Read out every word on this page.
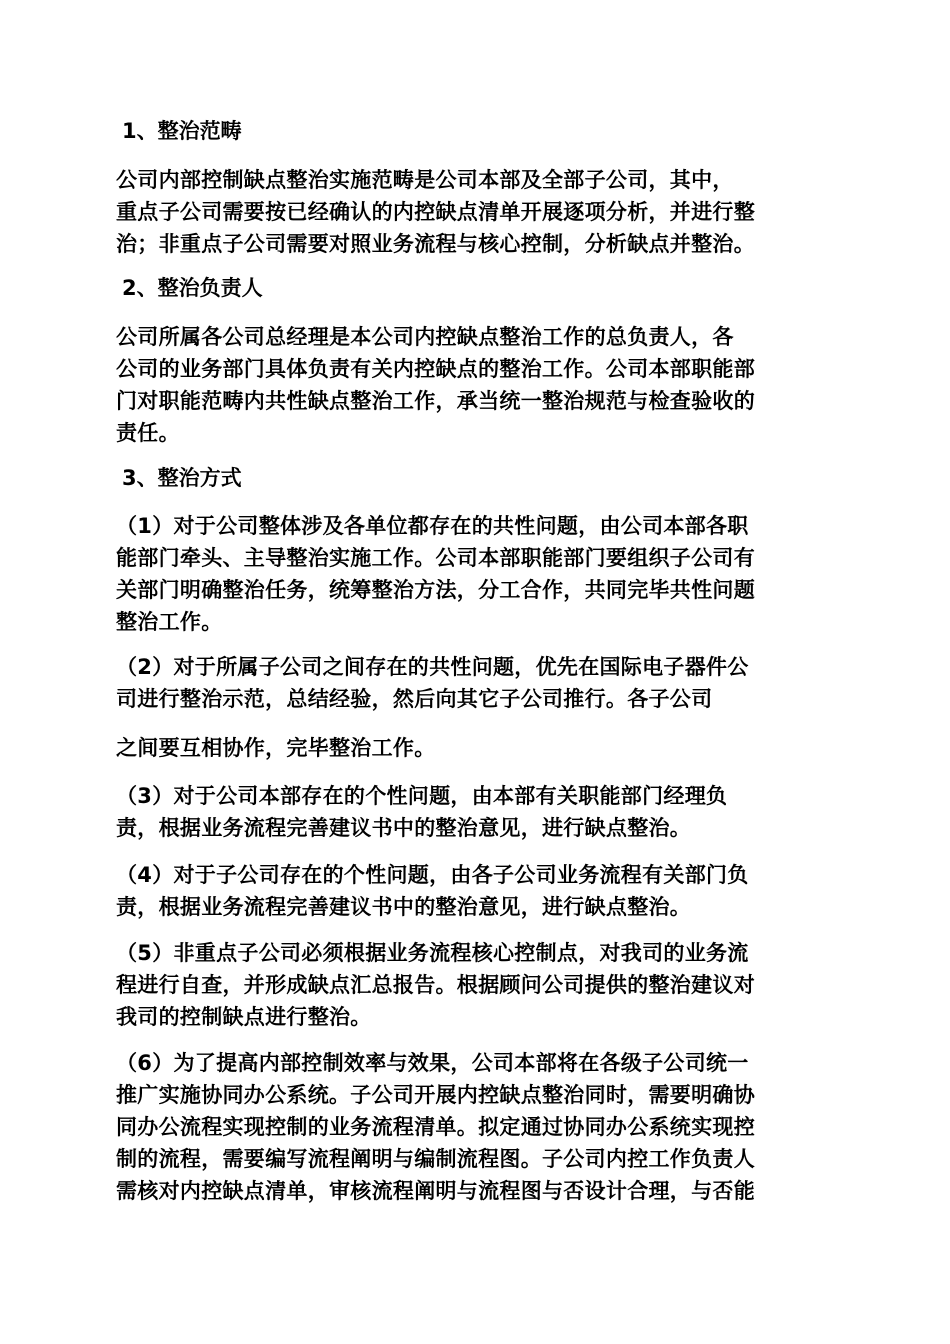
1、整治范畴
公司内部控制缺点整治实施范畴是公司本部及全部子公司，其中，
重点子公司需要按已经确认的内控缺点清单开展逐项分析，并进行整
治；非重点子公司需要对照业务流程与核心控制，分析缺点并整治。
2、整治负责人
公司所属各公司总经理是本公司内控缺点整治工作的总负责人，各
公司的业务部门具体负责有关内控缺点的整治工作。公司本部职能部
门对职能范畴内共性缺点整治工作，承当统一整治规范与检查验收的
责任。
3、整治方式
（1）对于公司整体涉及各单位都存在的共性问题，由公司本部各职
能部门牵头、主导整治实施工作。公司本部职能部门要组织子公司有
关部门明确整治任务，统筹整治方法，分工合作，共同完毕共性问题
整治工作。
（2）对于所属子公司之间存在的共性问题，优先在国际电子器件公
司进行整治示范，总结经验，然后向其它子公司推行。各子公司
之间要互相协作，完毕整治工作。
（3）对于公司本部存在的个性问题，由本部有关职能部门经理负
责，根据业务流程完善建议书中的整治意见，进行缺点整治。
（4）对于子公司存在的个性问题，由各子公司业务流程有关部门负
责，根据业务流程完善建议书中的整治意见，进行缺点整治。
（5）非重点子公司必须根据业务流程核心控制点，对我司的业务流
程进行自查，并形成缺点汇总报告。根据顾问公司提供的整治建议对
我司的控制缺点进行整治。
（6）为了提高内部控制效率与效果，公司本部将在各级子公司统一
推广实施协同办公系统。子公司开展内控缺点整治同时，需要明确协
同办公流程实现控制的业务流程清单。拟定通过协同办公系统实现控
制的流程，需要编写流程阐明与编制流程图。子公司内控工作负责人
需核对内控缺点清单，审核流程阐明与流程图与否设计合理，与否能
